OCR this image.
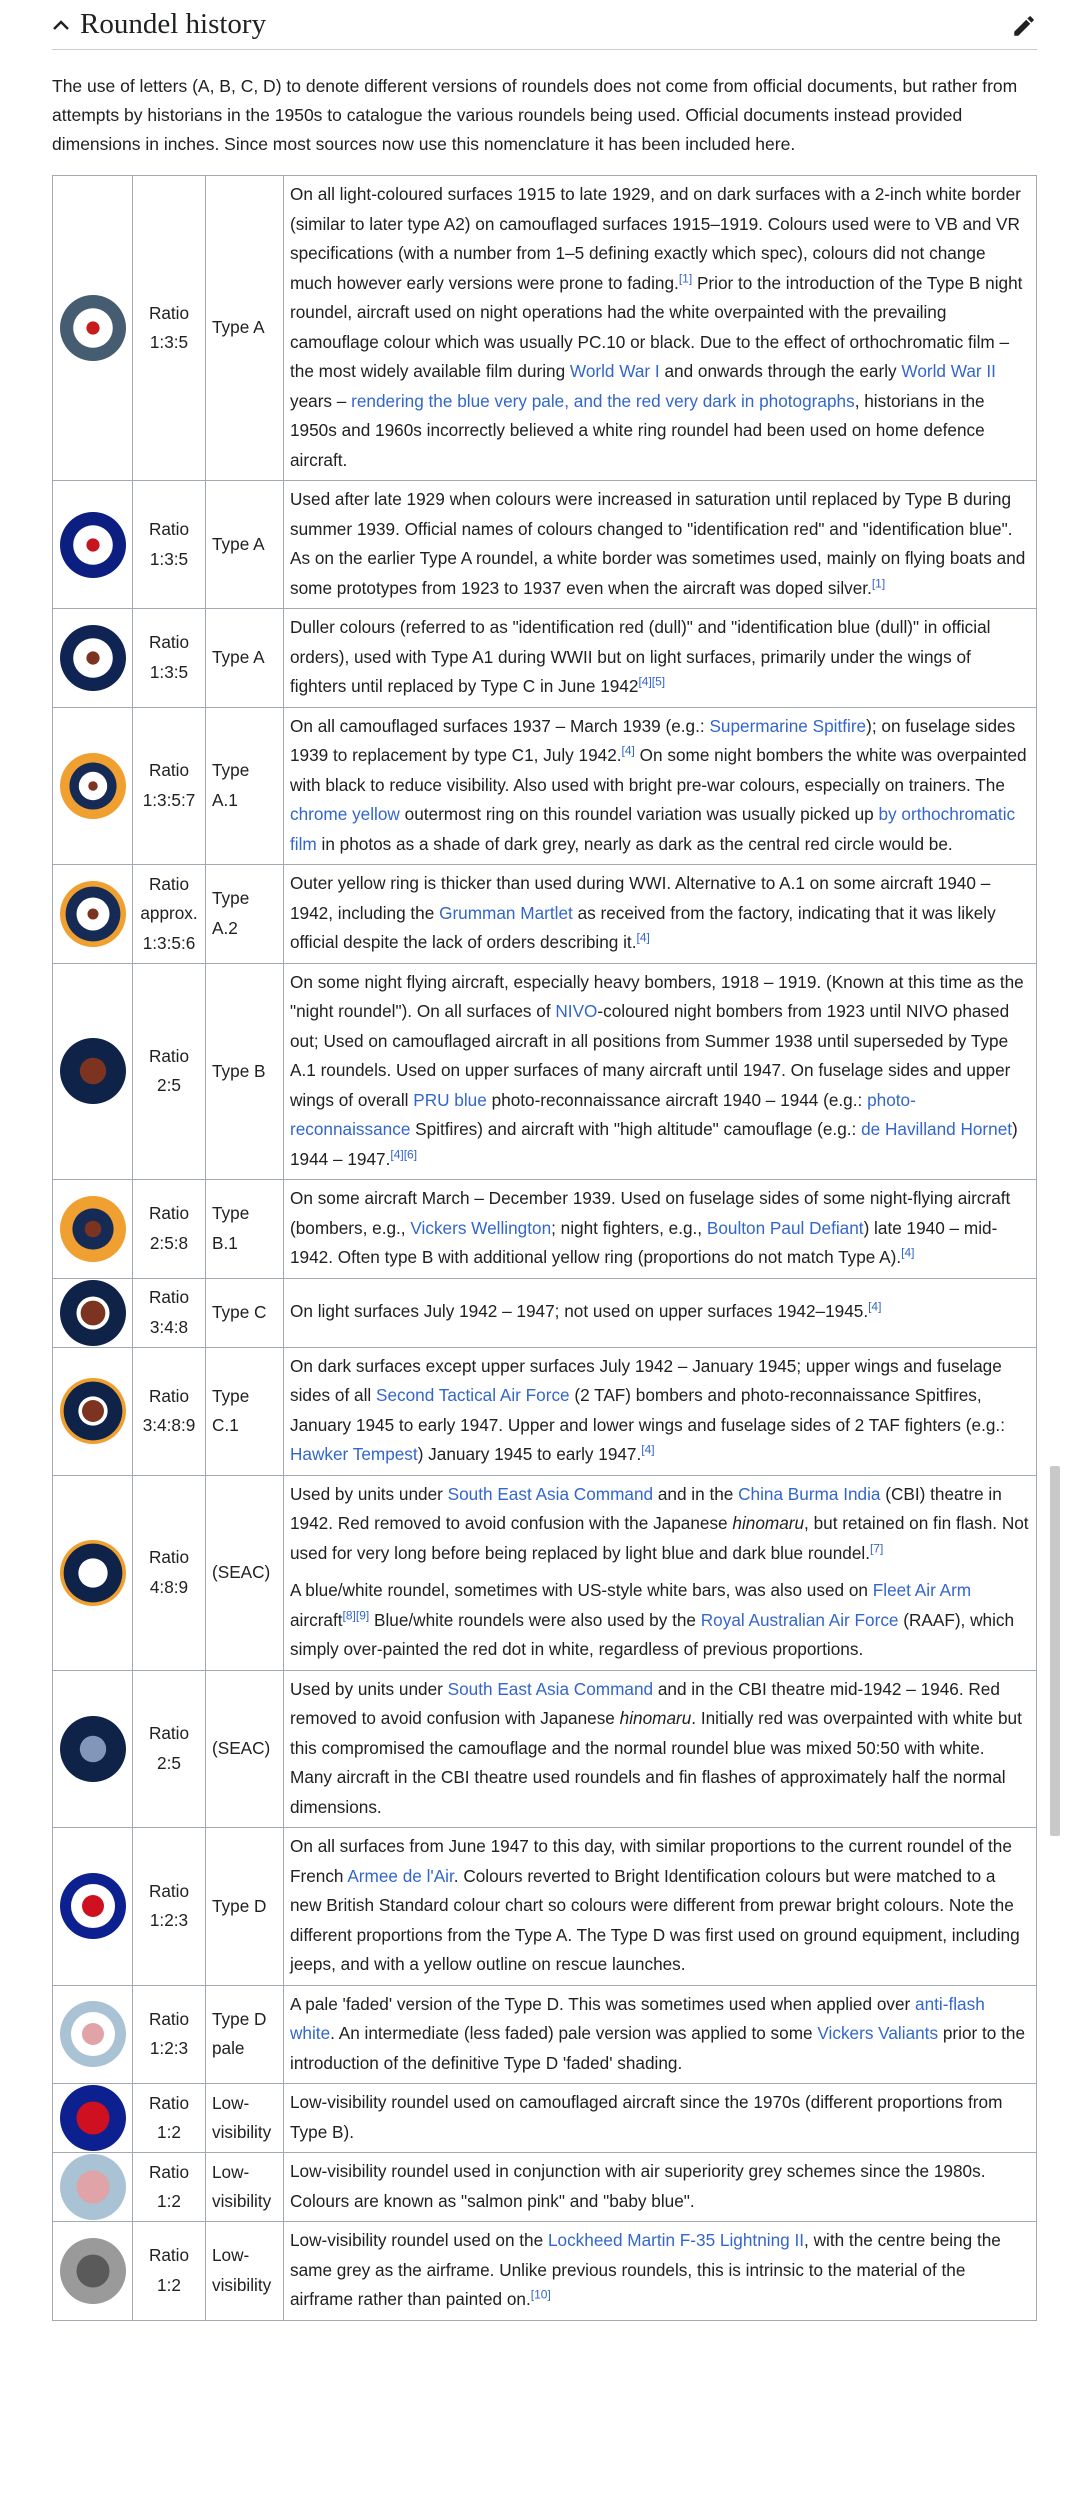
Roundel history

The use of letters (A, B, C, D) to denote different versions of roundels does not come from official documents, but rather from attempts by historians in the 1950s to catalogue the various roundels being used. Official documents instead provided dimensions in inches. Since most sources now use this nomenclature it has been included here.

	Ratio 1:3:5	Type A	On all light-coloured surfaces 1915 to late 1929, and on dark surfaces with a 2-inch white border (similar to later type A2) on camouflaged surfaces 1915–1919. Colours used were to VB and VR specifications (with a number from 1–5 defining exactly which spec), colours did not change much however early versions were prone to fading.[1] Prior to the introduction of the Type B night roundel, aircraft used on night operations had the white overpainted with the prevailing camouflage colour which was usually PC.10 or black. Due to the effect of orthochromatic film – the most widely available film during World War I and onwards through the early World War II years – rendering the blue very pale, and the red very dark in photographs, historians in the 1950s and 1960s incorrectly believed a white ring roundel had been used on home defence aircraft.

	Ratio 1:3:5	Type A	Used after late 1929 when colours were increased in saturation until replaced by Type B during summer 1939. Official names of colours changed to "identification red" and "identification blue". As on the earlier Type A roundel, a white border was sometimes used, mainly on flying boats and some prototypes from 1923 to 1937 even when the aircraft was doped silver.[1]

	Ratio 1:3:5	Type A	Duller colours (referred to as "identification red (dull)" and "identification blue (dull)" in official orders), used with Type A1 during WWII but on light surfaces, primarily under the wings of fighters until replaced by Type C in June 1942[4][5]

	Ratio 1:3:5:7	Type A.1	On all camouflaged surfaces 1937 – March 1939 (e.g.: Supermarine Spitfire); on fuselage sides 1939 to replacement by type C1, July 1942.[4] On some night bombers the white was overpainted with black to reduce visibility. Also used with bright pre-war colours, especially on trainers. The chrome yellow outermost ring on this roundel variation was usually picked up by orthochromatic film in photos as a shade of dark grey, nearly as dark as the central red circle would be.

	Ratio approx. 1:3:5:6	Type A.2	Outer yellow ring is thicker than used during WWI. Alternative to A.1 on some aircraft 1940 – 1942, including the Grumman Martlet as received from the factory, indicating that it was likely official despite the lack of orders describing it.[4]

	Ratio 2:5	Type B	On some night flying aircraft, especially heavy bombers, 1918 – 1919. (Known at this time as the "night roundel"). On all surfaces of NIVO-coloured night bombers from 1923 until NIVO phased out; Used on camouflaged aircraft in all positions from Summer 1938 until superseded by Type A.1 roundels. Used on upper surfaces of many aircraft until 1947. On fuselage sides and upper wings of overall PRU blue photo-reconnaissance aircraft 1940 – 1944 (e.g.: photo-reconnaissance Spitfires) and aircraft with "high altitude" camouflage (e.g.: de Havilland Hornet) 1944 – 1947.[4][6]

	Ratio 2:5:8	Type B.1	On some aircraft March – December 1939. Used on fuselage sides of some night-flying aircraft (bombers, e.g., Vickers Wellington; night fighters, e.g., Boulton Paul Defiant) late 1940 – mid-1942. Often type B with additional yellow ring (proportions do not match Type A).[4]

	Ratio 3:4:8	Type C	On light surfaces July 1942 – 1947; not used on upper surfaces 1942–1945.[4]

	Ratio 3:4:8:9	Type C.1	On dark surfaces except upper surfaces July 1942 – January 1945; upper wings and fuselage sides of all Second Tactical Air Force (2 TAF) bombers and photo-reconnaissance Spitfires, January 1945 to early 1947. Upper and lower wings and fuselage sides of 2 TAF fighters (e.g.: Hawker Tempest) January 1945 to early 1947.[4]

	Ratio 4:8:9	(SEAC)	Used by units under South East Asia Command and in the China Burma India (CBI) theatre in 1942. Red removed to avoid confusion with the Japanese hinomaru, but retained on fin flash. Not used for very long before being replaced by light blue and dark blue roundel.[7]

A blue/white roundel, sometimes with US-style white bars, was also used on Fleet Air Arm aircraft[8][9] Blue/white roundels were also used by the Royal Australian Air Force (RAAF), which simply over-painted the red dot in white, regardless of previous proportions.

	Ratio 2:5	(SEAC)	Used by units under South East Asia Command and in the CBI theatre mid-1942 – 1946. Red removed to avoid confusion with Japanese hinomaru. Initially red was overpainted with white but this compromised the camouflage and the normal roundel blue was mixed 50:50 with white. Many aircraft in the CBI theatre used roundels and fin flashes of approximately half the normal dimensions.

	Ratio 1:2:3	Type D	On all surfaces from June 1947 to this day, with similar proportions to the current roundel of the French Armee de l'Air. Colours reverted to Bright Identification colours but were matched to a new British Standard colour chart so colours were different from prewar bright colours. Note the different proportions from the Type A. The Type D was first used on ground equipment, including jeeps, and with a yellow outline on rescue launches.

	Ratio 1:2:3	Type D pale	A pale 'faded' version of the Type D. This was sometimes used when applied over anti-flash white. An intermediate (less faded) pale version was applied to some Vickers Valiants prior to the introduction of the definitive Type D 'faded' shading.

	Ratio 1:2	Low-visibility	Low-visibility roundel used on camouflaged aircraft since the 1970s (different proportions from Type B).

	Ratio 1:2	Low-visibility	Low-visibility roundel used in conjunction with air superiority grey schemes since the 1980s. Colours are known as "salmon pink" and "baby blue".

	Ratio 1:2	Low-visibility	Low-visibility roundel used on the Lockheed Martin F-35 Lightning II, with the centre being the same grey as the airframe. Unlike previous roundels, this is intrinsic to the material of the airframe rather than painted on.[10]
